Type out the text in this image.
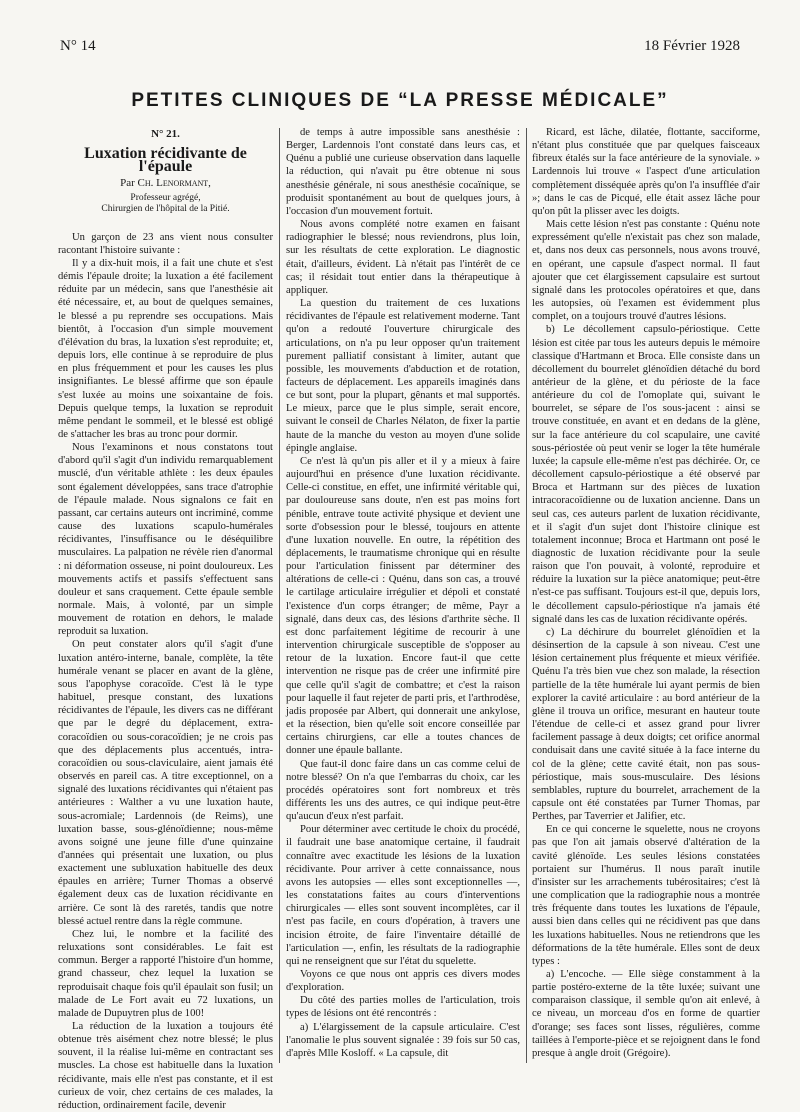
N° 14	18 Février 1928
PETITES CLINIQUES DE “LA PRESSE MÉDICALE”
N° 21.
Luxation récidivante de l'épaule
Par Ch. Lenormant,

Professeur agrégé,

Chirurgien de l'hôpital de la Pitié.

Un garçon de 23 ans vient nous consulter racontant l'histoire suivante :

Il y a dix-huit mois, il a fait une chute et s'est démis l'épaule droite; la luxation a été facilement réduite par un médecin, sans que l'anesthésie ait été nécessaire, et, au bout de quelques semaines, le blessé a pu reprendre ses occupations. Mais bientôt, à l'occasion d'un simple mouvement d'élévation du bras, la luxation s'est reproduite; et, depuis lors, elle continue à se reproduire de plus en plus fréquemment et pour les causes les plus insignifiantes. Le blessé affirme que son épaule s'est luxée au moins une soixantaine de fois. Depuis quelque temps, la luxation se reproduit même pendant le sommeil, et le blessé est obligé de s'attacher les bras au tronc pour dormir.

Nous l'examinons et nous constatons tout d'abord qu'il s'agit d'un individu remarquablement musclé, d'un véritable athlète : les deux épaules sont également développées, sans trace d'atrophie de l'épaule malade. Nous signalons ce fait en passant, car certains auteurs ont incriminé, comme cause des luxations scapulo-humérales récidivantes, l'insuffisance ou le déséquilibre musculaires. La palpation ne révèle rien d'anormal : ni déformation osseuse, ni point douloureux. Les mouvements actifs et passifs s'effectuent sans douleur et sans craquement. Cette épaule semble normale. Mais, à volonté, par un simple mouvement de rotation en dehors, le malade reproduit sa luxation.

On peut constater alors qu'il s'agit d'une luxation antéro-interne, banale, complète, la tête humérale venant se placer en avant de la glène, sous l'apophyse coracoïde. C'est là le type habituel, presque constant, des luxations récidivantes de l'épaule, les divers cas ne différant que par le degré du déplacement, extra-coracoïdien ou sous-coracoïdien; je ne crois pas que des déplacements plus accentués, intra-coracoïdien ou sous-claviculaire, aient jamais été observés en pareil cas. A titre exceptionnel, on a signalé des luxations récidivantes qui n'étaient pas antérieures : Walther a vu une luxation haute, sous-acromiale; Lardennois (de Reims), une luxation basse, sous-glénoïdienne; nous-même avons soigné une jeune fille d'une quinzaine d'années qui présentait une luxation, ou plus exactement une subluxation habituelle des deux épaules en arrière; Turner Thomas a observé également deux cas de luxation récidivante en arrière. Ce sont là des raretés, tandis que notre blessé actuel rentre dans la règle commune.

Chez lui, le nombre et la facilité des reluxations sont considérables. Le fait est commun. Berger a rapporté l'histoire d'un homme, grand chasseur, chez lequel la luxation se reproduisait chaque fois qu'il épaulait son fusil; un malade de Le Fort avait eu 72 luxations, un malade de Dupuytren plus de 100!

La réduction de la luxation a toujours été obtenue très aisément chez notre blessé; le plus souvent, il la réalise lui-même en contractant ses muscles. La chose est habituelle dans la luxation récidivante, mais elle n'est pas constante, et il est curieux de voir, chez certains de ces malades, la réduction, ordinairement facile, devenir

de temps à autre impossible sans anesthésie : Berger, Lardennois l'ont constaté dans leurs cas, et Quénu a publié une curieuse observation dans laquelle la réduction, qui n'avait pu être obtenue ni sous anesthésie générale, ni sous anesthésie cocaïnique, se produisit spontanément au bout de quelques jours, à l'occasion d'un mouvement fortuit.

Nous avons complété notre examen en faisant radiographier le blessé; nous reviendrons, plus loin, sur les résultats de cette exploration. Le diagnostic était, d'ailleurs, évident. Là n'était pas l'intérêt de ce cas; il résidait tout entier dans la thérapeutique à appliquer.

La question du traitement de ces luxations récidivantes de l'épaule est relativement moderne. Tant qu'on a redouté l'ouverture chirurgicale des articulations, on n'a pu leur opposer qu'un traitement purement palliatif consistant à limiter, autant que possible, les mouvements d'abduction et de rotation, facteurs de déplacement. Les appareils imaginés dans ce but sont, pour la plupart, gênants et mal supportés. Le mieux, parce que le plus simple, serait encore, suivant le conseil de Charles Nélaton, de fixer la partie haute de la manche du veston au moyen d'une solide épingle anglaise.

Ce n'est là qu'un pis aller et il y a mieux à faire aujourd'hui en présence d'une luxation récidivante. Celle-ci constitue, en effet, une infirmité véritable qui, par douloureuse sans doute, n'en est pas moins fort pénible, entrave toute activité physique et devient une sorte d'obsession pour le blessé, toujours en attente d'une luxation nouvelle. En outre, la répétition des déplacements, le traumatisme chronique qui en résulte pour l'articulation finissent par déterminer des altérations de celle-ci : Quénu, dans son cas, a trouvé le cartilage articulaire irrégulier et dépoli et constaté l'existence d'un corps étranger; de même, Payr a signalé, dans deux cas, des lésions d'arthrite sèche. Il est donc parfaitement légitime de recourir à une intervention chirurgicale susceptible de s'opposer au retour de la luxation. Encore faut-il que cette intervention ne risque pas de créer une infirmité pire que celle qu'il s'agit de combattre; et c'est la raison pour laquelle il faut rejeter de parti pris, et l'arthrodèse, jadis proposée par Albert, qui donnerait une ankylose, et la résection, bien qu'elle soit encore conseillée par certains chirurgiens, car elle a toutes chances de donner une épaule ballante.

Que faut-il donc faire dans un cas comme celui de notre blessé? On n'a que l'embarras du choix, car les procédés opératoires sont fort nombreux et très différents les uns des autres, ce qui indique peut-être qu'aucun d'eux n'est parfait.

Pour déterminer avec certitude le choix du procédé, il faudrait une base anatomique certaine, il faudrait connaître avec exactitude les lésions de la luxation récidivante. Pour arriver à cette connaissance, nous avons les autopsies — elles sont exceptionnelles —, les constatations faites au cours d'interventions chirurgicales — elles sont souvent incomplètes, car il n'est pas facile, en cours d'opération, à travers une incision étroite, de faire l'inventaire détaillé de l'articulation —, enfin, les résultats de la radiographie qui ne renseignent que sur l'état du squelette.

Voyons ce que nous ont appris ces divers modes d'exploration.

Du côté des parties molles de l'articulation, trois types de lésions ont été rencontrés :

a) L'élargissement de la capsule articulaire. C'est l'anomalie le plus souvent signalée : 39 fois sur 50 cas, d'après Mlle Kosloff. « La capsule, dit

Ricard, est lâche, dilatée, flottante, sacciforme, n'étant plus constituée que par quelques faisceaux fibreux étalés sur la face antérieure de la synoviale. » Lardennois lui trouve « l'aspect d'une articulation complètement disséquée après qu'on l'a insufflée d'air »; dans le cas de Picqué, elle était assez lâche pour qu'on pût la plisser avec les doigts.

Mais cette lésion n'est pas constante : Quénu note expressément qu'elle n'existait pas chez son malade, et, dans nos deux cas personnels, nous avons trouvé, en opérant, une capsule d'aspect normal. Il faut ajouter que cet élargissement capsulaire est surtout signalé dans les protocoles opératoires et que, dans les autopsies, où l'examen est évidemment plus complet, on a toujours trouvé d'autres lésions.

b) Le décollement capsulo-périostique. Cette lésion est citée par tous les auteurs depuis le mémoire classique d'Hartmann et Broca. Elle consiste dans un décollement du bourrelet glénoïdien détaché du bord antérieur de la glène, et du périoste de la face antérieure du col de l'omoplate qui, suivant le bourrelet, se sépare de l'os sous-jacent : ainsi se trouve constituée, en avant et en dedans de la glène, sur la face antérieure du col scapulaire, une cavité sous-périostée où peut venir se loger la tête humérale luxée; la capsule elle-même n'est pas déchirée. Or, ce décollement capsulo-périostique a été observé par Broca et Hartmann sur des pièces de luxation intracoracoïdienne ou de luxation ancienne. Dans un seul cas, ces auteurs parlent de luxation récidivante, et il s'agit d'un sujet dont l'histoire clinique est totalement inconnue; Broca et Hartmann ont posé le diagnostic de luxation récidivante pour la seule raison que l'on pouvait, à volonté, reproduire et réduire la luxation sur la pièce anatomique; peut-être n'est-ce pas suffisant. Toujours est-il que, depuis lors, le décollement capsulo-périostique n'a jamais été signalé dans les cas de luxation récidivante opérés.

c) La déchirure du bourrelet glénoïdien et la désinsertion de la capsule à son niveau. C'est une lésion certainement plus fréquente et mieux vérifiée. Quénu l'a très bien vue chez son malade, la résection partielle de la tête humérale lui ayant permis de bien explorer la cavité articulaire : au bord antérieur de la glène il trouva un orifice, mesurant en hauteur toute l'étendue de celle-ci et assez grand pour livrer facilement passage à deux doigts; cet orifice anormal conduisait dans une cavité située à la face interne du col de la glène; cette cavité était, non pas sous-périostique, mais sous-musculaire. Des lésions semblables, rupture du bourrelet, arrachement de la capsule ont été constatées par Turner Thomas, par Perthes, par Taverrier et Jalifier, etc.

En ce qui concerne le squelette, nous ne croyons pas que l'on ait jamais observé d'altération de la cavité glénoïde. Les seules lésions constatées portaient sur l'humérus. Il nous paraît inutile d'insister sur les arrachements tubérositaires; c'est là une complication que la radiographie nous a montrée très fréquente dans toutes les luxations de l'épaule, aussi bien dans celles qui ne récidivent pas que dans les luxations habituelles. Nous ne retiendrons que les déformations de la tête humérale. Elles sont de deux types :

a) L'encoche. — Elle siège constamment à la partie postéro-externe de la tête luxée; suivant une comparaison classique, il semble qu'on ait enlevé, à ce niveau, un morceau d'os en forme de quartier d'orange; ses faces sont lisses, régulières, comme taillées à l'emporte-pièce et se rejoignent dans le fond presque à angle droit (Grégoire).
